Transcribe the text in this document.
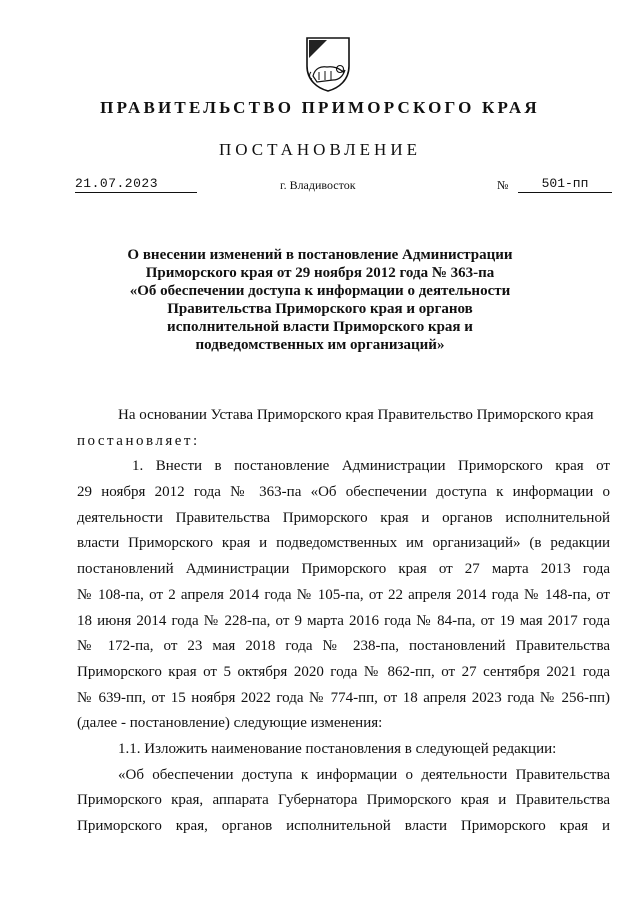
ПРАВИТЕЛЬСТВО ПРИМОРСКОГО КРАЯ
ПОСТАНОВЛЕНИЕ
21.07.2023	г. Владивосток	№	501-пп
О внесении изменений в постановление Администрации
Приморского края от 29 ноября 2012 года № 363-па
«Об обеспечении доступа к информации о деятельности
Правительства Приморского края и органов
исполнительной власти Приморского края и
подведомственных им организаций»
На основании Устава Приморского края Правительство Приморского края
постановляет:
1. Внести в постановление Администрации Приморского края от
29 ноября 2012 года № 363-па «Об обеспечении доступа к информации о
деятельности Правительства Приморского края и органов исполнительной
власти Приморского края и подведомственных им организаций» (в редакции
постановлений Администрации Приморского края от 27 марта 2013 года
№ 108-па, от 2 апреля 2014 года № 105-па, от 22 апреля 2014 года № 148-па, от
18 июня 2014 года № 228-па, от 9 марта 2016 года № 84-па, от 19 мая 2017 года
№ 172-па, от 23 мая 2018 года № 238-па, постановлений Правительства
Приморского края от 5 октября 2020 года № 862-пп, от 27 сентября 2021 года
№ 639-пп, от 15 ноября 2022 года № 774-пп, от 18 апреля 2023 года № 256-пп)
(далее - постановление) следующие изменения:
1.1. Изложить наименование постановления в следующей редакции:
«Об обеспечении доступа к информации о деятельности Правительства
Приморского края, аппарата Губернатора Приморского края и Правительства
Приморского края, органов исполнительной власти Приморского края и
